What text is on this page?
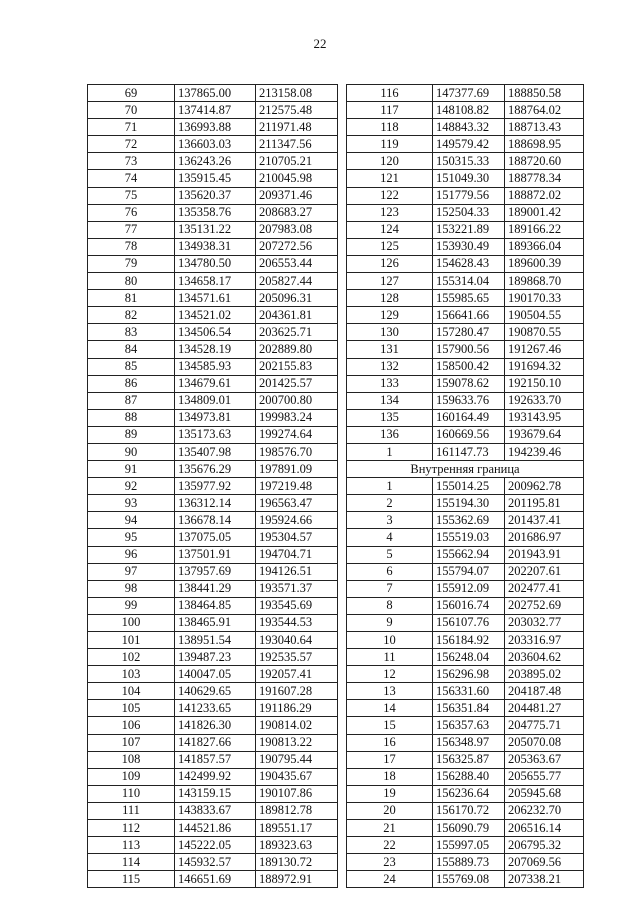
22
69	137865.00	213158.08
70	137414.87	212575.48
71	136993.88	211971.48
72	136603.03	211347.56
73	136243.26	210705.21
74	135915.45	210045.98
75	135620.37	209371.46
76	135358.76	208683.27
77	135131.22	207983.08
78	134938.31	207272.56
79	134780.50	206553.44
80	134658.17	205827.44
81	134571.61	205096.31
82	134521.02	204361.81
83	134506.54	203625.71
84	134528.19	202889.80
85	134585.93	202155.83
86	134679.61	201425.57
87	134809.01	200700.80
88	134973.81	199983.24
89	135173.63	199274.64
90	135407.98	198576.70
91	135676.29	197891.09
92	135977.92	197219.48
93	136312.14	196563.47
94	136678.14	195924.66
95	137075.05	195304.57
96	137501.91	194704.71
97	137957.69	194126.51
98	138441.29	193571.37
99	138464.85	193545.69
100	138465.91	193544.53
101	138951.54	193040.64
102	139487.23	192535.57
103	140047.05	192057.41
104	140629.65	191607.28
105	141233.65	191186.29
106	141826.30	190814.02
107	141827.66	190813.22
108	141857.57	190795.44
109	142499.92	190435.67
110	143159.15	190107.86
111	143833.67	189812.78
112	144521.86	189551.17
113	145222.05	189323.63
114	145932.57	189130.72
115	146651.69	188972.91
116	147377.69	188850.58
117	148108.82	188764.02
118	148843.32	188713.43
119	149579.42	188698.95
120	150315.33	188720.60
121	151049.30	188778.34
122	151779.56	188872.02
123	152504.33	189001.42
124	153221.89	189166.22
125	153930.49	189366.04
126	154628.43	189600.39
127	155314.04	189868.70
128	155985.65	190170.33
129	156641.66	190504.55
130	157280.47	190870.55
131	157900.56	191267.46
132	158500.42	191694.32
133	159078.62	192150.10
134	159633.76	192633.70
135	160164.49	193143.95
136	160669.56	193679.64
1	161147.73	194239.46
Внутренняя граница		
1	155014.25	200962.78
2	155194.30	201195.81
3	155362.69	201437.41
4	155519.03	201686.97
5	155662.94	201943.91
6	155794.07	202207.61
7	155912.09	202477.41
8	156016.74	202752.69
9	156107.76	203032.77
10	156184.92	203316.97
11	156248.04	203604.62
12	156296.98	203895.02
13	156331.60	204187.48
14	156351.84	204481.27
15	156357.63	204775.71
16	156348.97	205070.08
17	156325.87	205363.67
18	156288.40	205655.77
19	156236.64	205945.68
20	156170.72	206232.70
21	156090.79	206516.14
22	155997.05	206795.32
23	155889.73	207069.56
24	155769.08	207338.21
